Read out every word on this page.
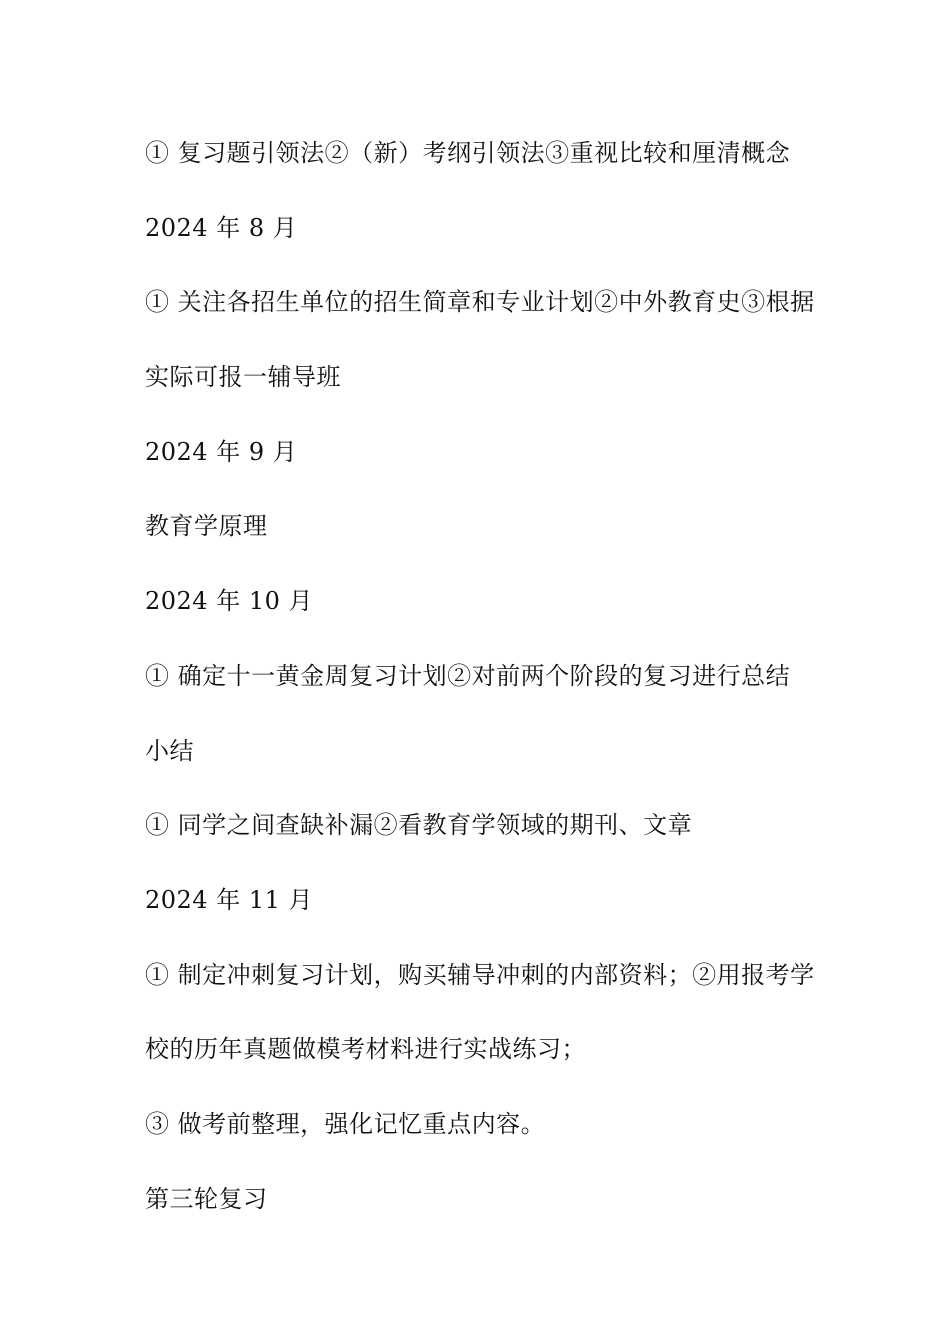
① 复习题引领法②（新）考纲引领法③重视比较和厘清概念
2024 年 8 月
① 关注各招生单位的招生简章和专业计划②中外教育史③根据
实际可报一辅导班
2024 年 9 月
教育学原理
2024 年 10 月
① 确定十一黄金周复习计划②对前两个阶段的复习进行总结
小结
① 同学之间查缺补漏②看教育学领域的期刊、文章
2024 年 11 月
① 制定冲刺复习计划，购买辅导冲刺的内部资料；②用报考学
校的历年真题做模考材料进行实战练习；
③ 做考前整理，强化记忆重点内容。
第三轮复习
